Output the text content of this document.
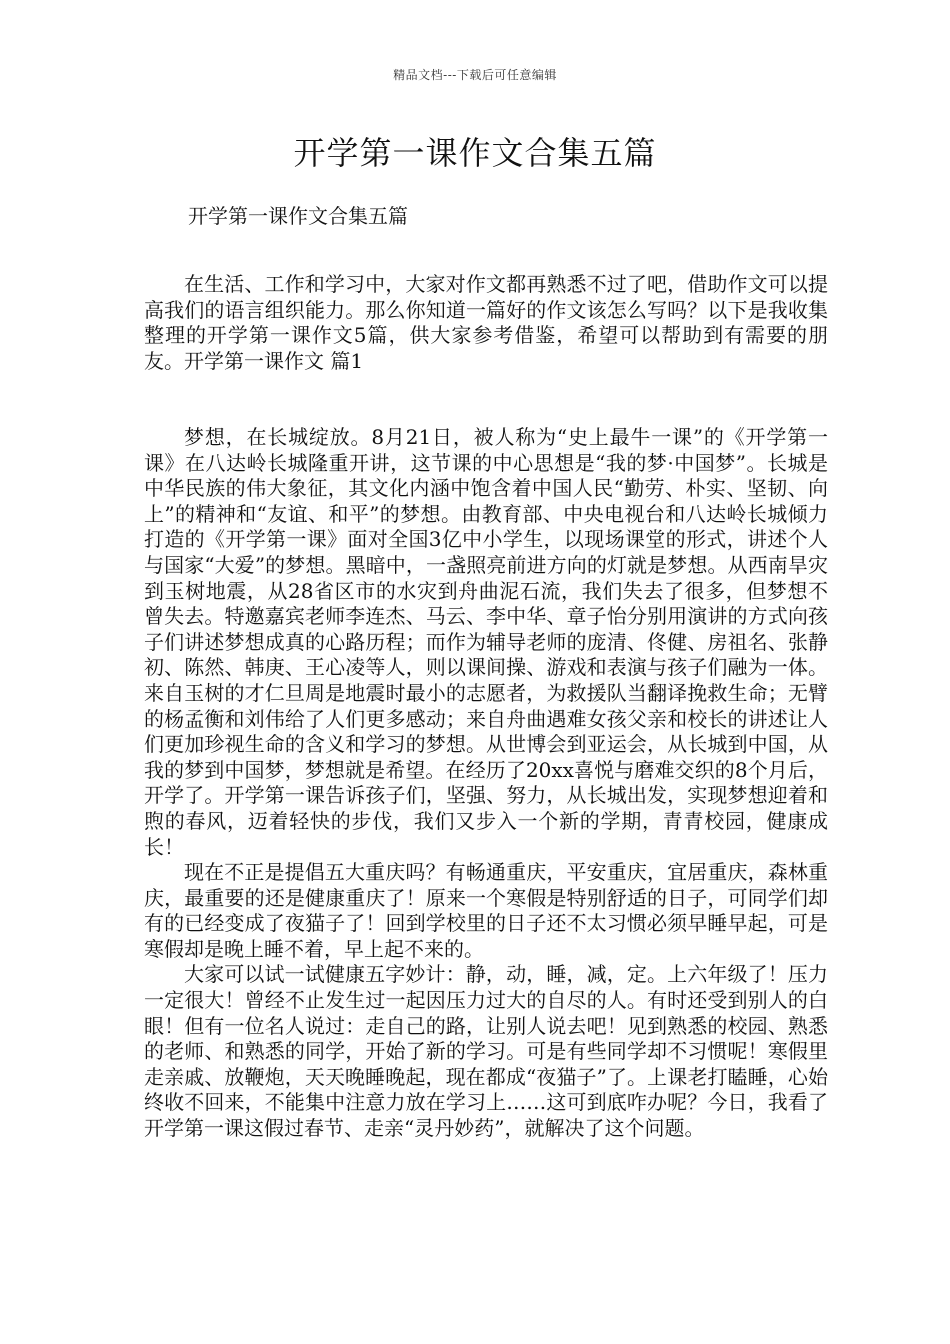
精品文档---下载后可任意编辑
开学第一课作文合集五篇

开学第一课作文合集五篇

在生活、工作和学习中，大家对作文都再熟悉不过了吧，借助作文可以提高我们的语言组织能力。那么你知道一篇好的作文该怎么写吗？以下是我收集整理的开学第一课作文5篇，供大家参考借鉴，希望可以帮助到有需要的朋友。开学第一课作文 篇1

梦想，在长城绽放。8月21日，被人称为“史上最牛一课”的《开学第一课》在八达岭长城隆重开讲，这节课的中心思想是“我的梦·中国梦”。长城是中华民族的伟大象征，其文化内涵中饱含着中国人民“勤劳、朴实、坚韧、向上”的精神和“友谊、和平”的梦想。由教育部、中央电视台和八达岭长城倾力打造的《开学第一课》面对全国3亿中小学生，以现场课堂的形式，讲述个人与国家“大爱”的梦想。黑暗中，一盏照亮前进方向的灯就是梦想。从西南旱灾到玉树地震，从28省区市的水灾到舟曲泥石流，我们失去了很多，但梦想不曾失去。特邀嘉宾老师李连杰、马云、李中华、章子怡分别用演讲的方式向孩子们讲述梦想成真的心路历程；而作为辅导老师的庞清、佟健、房祖名、张静初、陈然、韩庚、王心凌等人，则以课间操、游戏和表演与孩子们融为一体。来自玉树的才仁旦周是地震时最小的志愿者，为救援队当翻译挽救生命；无臂的杨孟衡和刘伟给了人们更多感动；来自舟曲遇难女孩父亲和校长的讲述让人们更加珍视生命的含义和学习的梦想。从世博会到亚运会，从长城到中国，从我的梦到中国梦，梦想就是希望。在经历了20xx喜悦与磨难交织的8个月后，开学了。开学第一课告诉孩子们，坚强、努力，从长城出发，实现梦想迎着和煦的春风，迈着轻快的步伐，我们又步入一个新的学期，青青校园，健康成长！

现在不正是提倡五大重庆吗？有畅通重庆，平安重庆，宜居重庆，森林重庆，最重要的还是健康重庆了！原来一个寒假是特别舒适的日子，可同学们却有的已经变成了夜猫子了！回到学校里的日子还不太习惯必须早睡早起，可是寒假却是晚上睡不着，早上起不来的。

大家可以试一试健康五字妙计：静，动，睡，减，定。上六年级了！压力一定很大！曾经不止发生过一起因压力过大的自尽的人。有时还受到别人的白眼！但有一位名人说过：走自己的路，让别人说去吧！见到熟悉的校园、熟悉的老师、和熟悉的同学，开始了新的学习。可是有些同学却不习惯呢！寒假里走亲戚、放鞭炮，天天晚睡晚起，现在都成“夜猫子”了。上课老打瞌睡，心始终收不回来，不能集中注意力放在学习上……这可到底咋办呢？今日，我看了开学第一课这假过春节、走亲“灵丹妙药”，就解决了这个问题。
